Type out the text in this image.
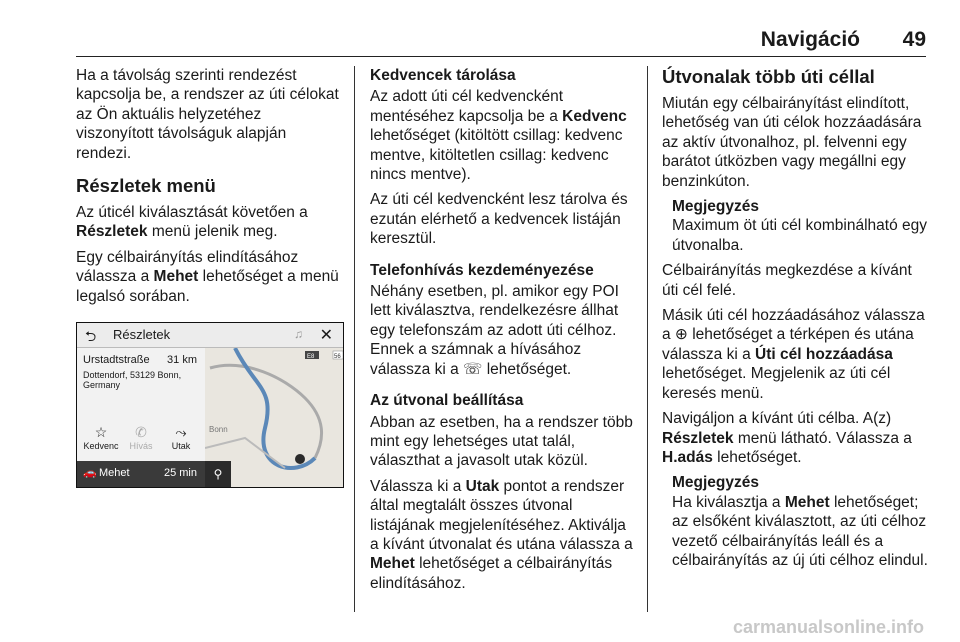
Navigáció 49

Ha a távolság szerinti rendezést kapcsolja be, a rendszer az úti célokat az Ön aktuális helyzetéhez viszonyított távolságuk alapján rendezi.

Részletek menü

Az úticél kiválasztását követően a Részletek menü jelenik meg.

Egy célbairányítás elindításához válassza a Mehet lehetőséget a menü legalsó sorában.

⮌ Részletek	♫ ✕
Urstadtstraße 31 km
Dottendorf, 53129 Bonn, Germany
☆
Kedvenc
✆
Hívás
⤳
Utak
🚗 Mehet	25 min
Bonn
E8	56
⚲
Kedvencek tárolása

Az adott úti cél kedvencként mentéséhez kapcsolja be a Kedvenc lehetőséget (kitöltött csillag: kedvenc mentve, kitöltetlen csillag: kedvenc nincs mentve).

Az úti cél kedvencként lesz tárolva és ezután elérhető a kedvencek listáján keresztül.

Telefonhívás kezdeményezése

Néhány esetben, pl. amikor egy POI lett kiválasztva, rendelkezésre állhat egy telefonszám az adott úti célhoz. Ennek a számnak a hívásához válassza ki a ☏ lehetőséget.

Az útvonal beállítása

Abban az esetben, ha a rendszer több mint egy lehetséges utat talál, választhat a javasolt utak közül.

Válassza ki a Utak pontot a rendszer által megtalált összes útvonal listájának megjelenítéséhez. Aktiválja a kívánt útvonalat és utána válassza a Mehet lehetőséget a célbairányítás elindításához.

Útvonalak több úti céllal

Miután egy célbairányítást elindított, lehetőség van úti célok hozzáadására az aktív útvonalhoz, pl. felvenni egy barátot útközben vagy megállni egy benzinkúton.

Megjegyzés

Maximum öt úti cél kombinálható egy útvonalba.

Célbairányítás megkezdése a kívánt úti cél felé.

Másik úti cél hozzáadásához válassza a ⊕ lehetőséget a térképen és utána válassza ki a Úti cél hozzáadása lehetőséget. Megjelenik az úti cél keresés menü.

Navigáljon a kívánt úti célba. A(z) Részletek menü látható. Válassza a H.adás lehetőséget.

Megjegyzés

Ha kiválasztja a Mehet lehetőséget; az elsőként kiválasztott, az úti célhoz vezető célbairányítás leáll és a célbairányítás az új úti célhoz elindul.

carmanualsonline.info
